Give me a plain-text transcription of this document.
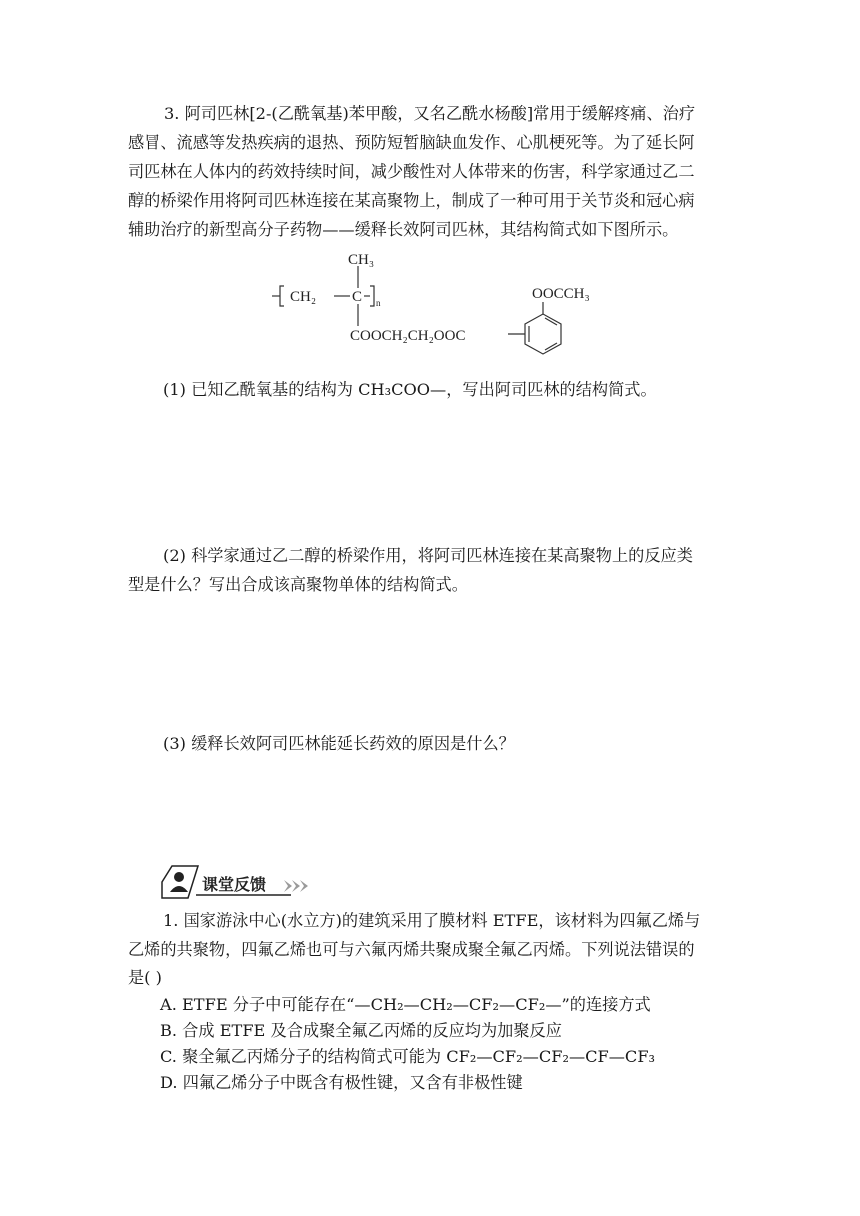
3. 阿司匹林[2-(乙酰氧基)苯甲酸，又名乙酰水杨酸]常用于缓解疼痛、治疗

感冒、流感等发热疾病的退热、预防短暂脑缺血发作、心肌梗死等。为了延长阿

司匹林在人体内的药效持续时间，减少酸性对人体带来的伤害，科学家通过乙二

醇的桥梁作用将阿司匹林连接在某高聚物上，制成了一种可用于关节炎和冠心病

辅助治疗的新型高分子药物——缓释长效阿司匹林，其结构简式如下图所示。

CH₃
CH₂ C n
COOCH₂CH₂OOC
OOCCH₃

(1) 已知乙酰氧基的结构为 CH₃COO—，写出阿司匹林的结构简式。

(2) 科学家通过乙二醇的桥梁作用，将阿司匹林连接在某高聚物上的反应类

型是什么？写出合成该高聚物单体的结构简式。

(3) 缓释长效阿司匹林能延长药效的原因是什么？

课堂反馈

1. 国家游泳中心(水立方)的建筑采用了膜材料 ETFE，该材料为四氟乙烯与

乙烯的共聚物，四氟乙烯也可与六氟丙烯共聚成聚全氟乙丙烯。下列说法错误的

是( )

A. ETFE 分子中可能存在“—CH₂—CH₂—CF₂—CF₂—”的连接方式

B. 合成 ETFE 及合成聚全氟乙丙烯的反应均为加聚反应

C. 聚全氟乙丙烯分子的结构简式可能为 CF₂—CF₂—CF₂—CF—CF₃

D. 四氟乙烯分子中既含有极性键，又含有非极性键
